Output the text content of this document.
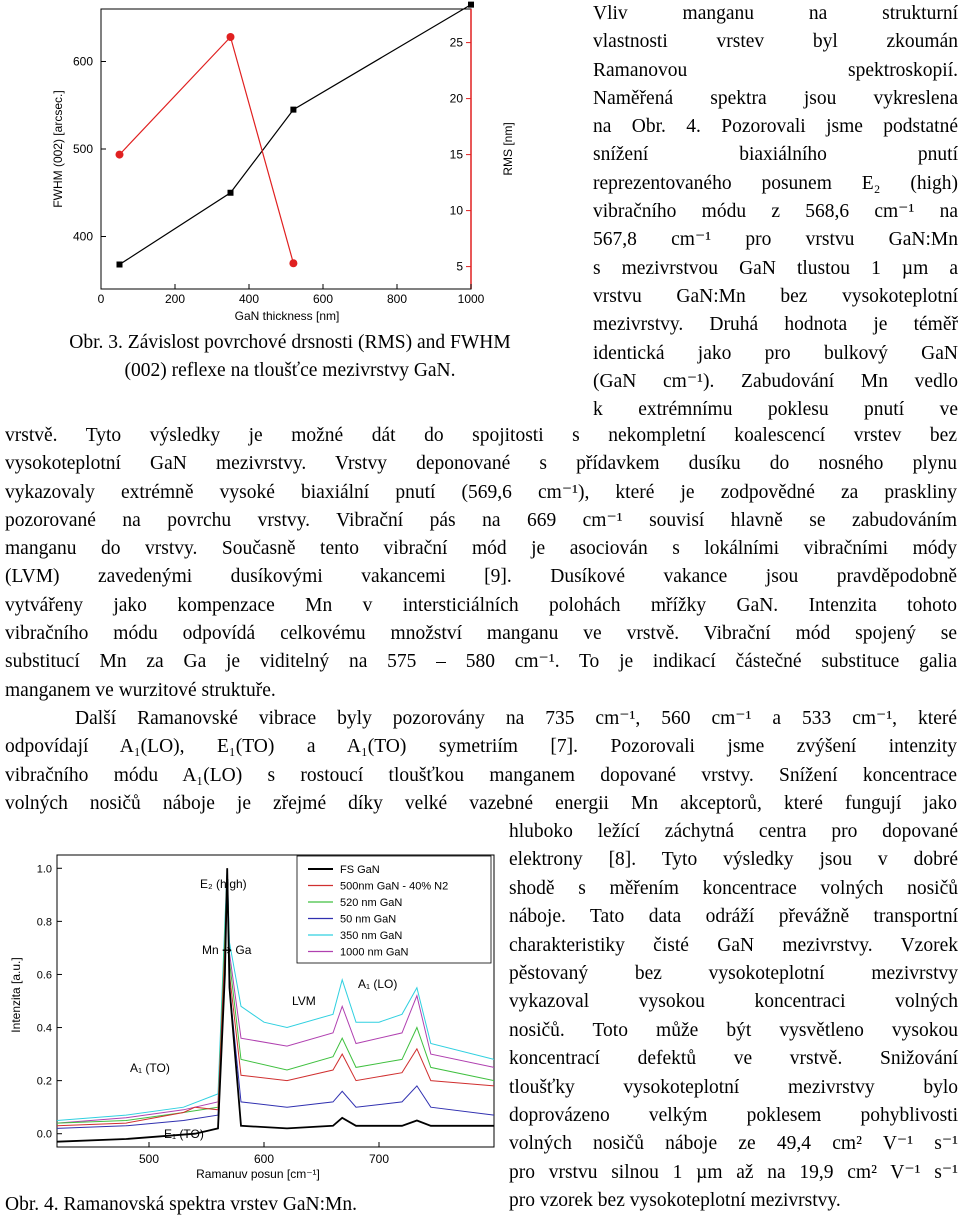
0	200	400	600	800	1000
400
500
600
5
10
15
20
25
GaN thickness [nm]
FWHM (002) [arcsec.]	RMS [nm]
Obr. 3. Závislost povrchové drsnosti (RMS) and FWHM
(002) reflexe na tloušťce mezivrstvy GaN.
Vliv manganu na strukturní
vlastnosti vrstev byl zkoumán
Ramanovou spektroskopií.
Naměřená spektra jsou vykreslena
na Obr. 4. Pozorovali jsme podstatné
snížení biaxiálního pnutí
reprezentovaného posunem E₂ (high)
vibračního módu z 568,6 cm⁻¹ na
567,8 cm⁻¹ pro vrstvu GaN:Mn
s mezivrstvou GaN tlustou 1 µm a
vrstvu GaN:Mn bez vysokoteplotní
mezivrstvy. Druhá hodnota je téměř
identická jako pro bulkový GaN
(GaN cm⁻¹). Zabudování Mn vedlo
k extrémnímu poklesu pnutí ve
vrstvě. Tyto výsledky je možné dát do spojitosti s nekompletní koalescencí vrstev bez
vysokoteplotní GaN mezivrstvy. Vrstvy deponované s přídavkem dusíku do nosného plynu
vykazovaly extrémně vysoké biaxiální pnutí (569,6 cm⁻¹), které je zodpovědné za praskliny
pozorované na povrchu vrstvy. Vibrační pás na 669 cm⁻¹ souvisí hlavně se zabudováním
manganu do vrstvy. Současně tento vibrační mód je asociován s lokálními vibračními módy
(LVM) zavedenými dusíkovými vakancemi [9]. Dusíkové vakance jsou pravděpodobně
vytvářeny jako kompenzace Mn v intersticiálních polohách mřížky GaN. Intenzita tohoto
vibračního módu odpovídá celkovému množství manganu ve vrstvě. Vibrační mód spojený se
substitucí Mn za Ga je viditelný na 575 – 580 cm⁻¹. To je indikací částečné substituce galia
manganem ve wurzitové struktuře.
Další Ramanovské vibrace byly pozorovány na 735 cm⁻¹, 560 cm⁻¹ a 533 cm⁻¹, které
odpovídají A₁(LO), E₁(TO) a A₁(TO) symetriím [7]. Pozorovali jsme zvýšení intenzity
vibračního módu A₁(LO) s rostoucí tloušťkou manganem dopované vrstvy. Snížení koncentrace
volných nosičů náboje je zřejmé díky velké vazebné energii Mn akceptorů, které fungují jako
hluboko ležící záchytná centra pro dopované
elektrony [8]. Tyto výsledky jsou v dobré
shodě s měřením koncentrace volných nosičů
náboje. Tato data odráží převážně transportní
charakteristiky čisté GaN mezivrstvy. Vzorek
pěstovaný bez vysokoteplotní mezivrstvy
vykazoval vysokou koncentraci volných
nosičů. Toto může být vysvětleno vysokou
koncentrací defektů ve vrstvě. Snižování
tloušťky vysokoteplotní mezivrstvy bylo
doprovázeno velkým poklesem pohyblivosti
volných nosičů náboje ze 49,4 cm² V⁻¹ s⁻¹
pro vrstvu silnou 1 µm až na 19,9 cm² V⁻¹ s⁻¹
pro vzorek bez vysokoteplotní mezivrstvy.
500	600	700
0.0
0.2
0.4
0.6
0.8
1.0	FS GaN
500nm GaN - 40% N2
520 nm GaN
50 nm GaN
350 nm GaN
1000 nm GaN
E₂ (high)
Mn ➔ Ga
LVM
A₁ (LO)
A₁ (TO)
E₁ (TO)
Ramanuv posun [cm⁻¹]
Intenzita [a.u.]
Obr. 4. Ramanovská spektra vrstev GaN:Mn.
